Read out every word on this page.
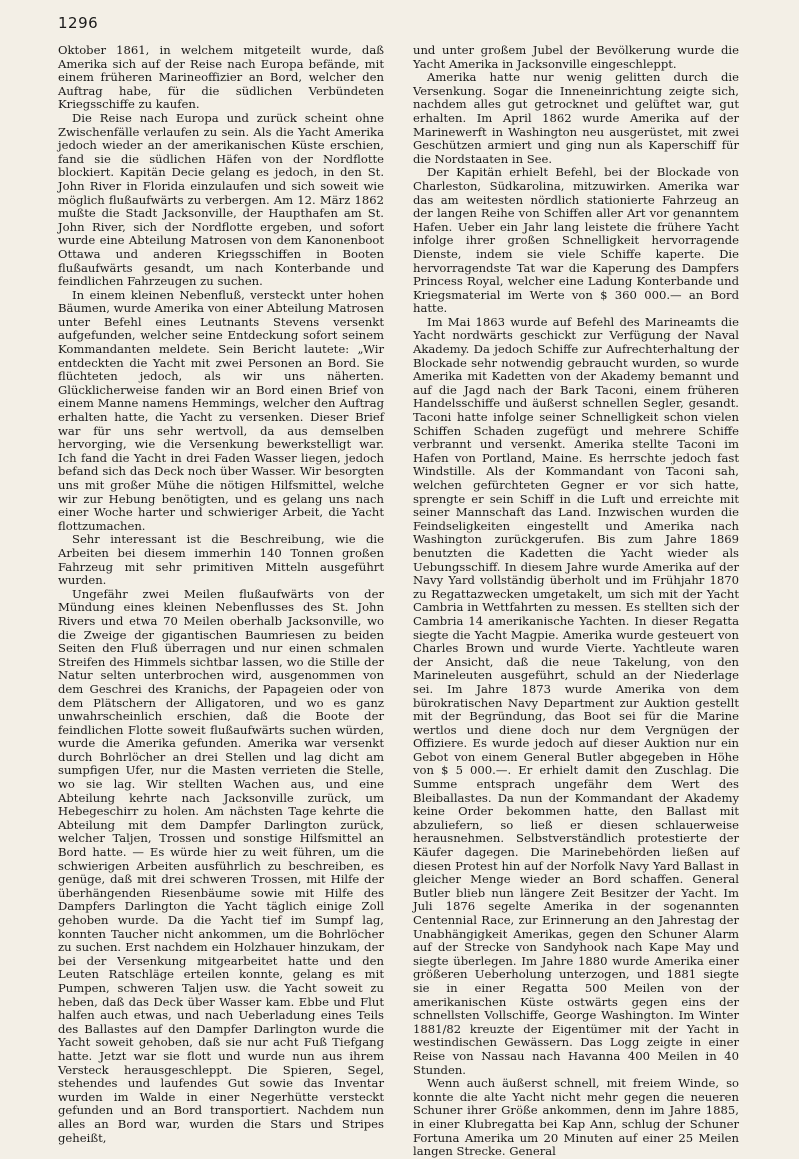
1296

Oktober 1861, in welchem mitgeteilt wurde, daß Amerika sich auf der Reise nach Europa befände, mit einem früheren Marineoffizier an Bord, welcher den Auftrag habe, für die südlichen Verbündeten Kriegsschiffe zu kaufen.

Die Reise nach Europa und zurück scheint ohne Zwischenfälle verlaufen zu sein. Als die Yacht Amerika jedoch wieder an der amerikanischen Küste erschien, fand sie die südlichen Häfen von der Nordflotte blockiert. Kapitän Decie gelang es jedoch, in den St. John River in Florida einzulaufen und sich soweit wie möglich flußaufwärts zu verbergen. Am 12. März 1862 mußte die Stadt Jacksonville, der Haupthafen am St. John River, sich der Nordflotte ergeben, und sofort wurde eine Abteilung Matrosen von dem Kanonenboot Ottawa und anderen Kriegsschiffen in Booten flußaufwärts gesandt, um nach Konterbande und feindlichen Fahrzeugen zu suchen.

In einem kleinen Nebenfluß, versteckt unter hohen Bäumen, wurde Amerika von einer Abteilung Matrosen unter Befehl eines Leutnants Stevens versenkt aufgefunden, welcher seine Entdeckung sofort seinem Kommandanten meldete. Sein Bericht lautete: „Wir entdeckten die Yacht mit zwei Personen an Bord. Sie flüchteten jedoch, als wir uns näherten. Glücklicherweise fanden wir an Bord einen Brief von einem Manne namens Hemmings, welcher den Auftrag erhalten hatte, die Yacht zu versenken. Dieser Brief war für uns sehr wertvoll, da aus demselben hervorging, wie die Versenkung bewerkstelligt war. Ich fand die Yacht in drei Faden Wasser liegen, jedoch befand sich das Deck noch über Wasser. Wir besorgten uns mit großer Mühe die nötigen Hilfsmittel, welche wir zur Hebung benötigten, und es gelang uns nach einer Woche harter und schwieriger Arbeit, die Yacht flottzumachen.

Sehr interessant ist die Beschreibung, wie die Arbeiten bei diesem immerhin 140 Tonnen großen Fahrzeug mit sehr primitiven Mitteln ausgeführt wurden.

Ungefähr zwei Meilen flußaufwärts von der Mündung eines kleinen Nebenflusses des St. John Rivers und etwa 70 Meilen oberhalb Jacksonville, wo die Zweige der gigantischen Baumriesen zu beiden Seiten den Fluß überragen und nur einen schmalen Streifen des Himmels sichtbar lassen, wo die Stille der Natur selten unterbrochen wird, ausgenommen von dem Geschrei des Kranichs, der Papageien oder von dem Plätschern der Alligatoren, und wo es ganz unwahrscheinlich erschien, daß die Boote der feindlichen Flotte soweit flußaufwärts suchen würden, wurde die Amerika gefunden. Amerika war versenkt durch Bohrlöcher an drei Stellen und lag dicht am sumpfigen Ufer, nur die Masten verrieten die Stelle, wo sie lag. Wir stellten Wachen aus, und eine Abteilung kehrte nach Jacksonville zurück, um Hebegeschirr zu holen. Am nächsten Tage kehrte die Abteilung mit dem Dampfer Darlington zurück, welcher Taljen, Trossen und sonstige Hilfsmittel an Bord hatte. — Es würde hier zu weit führen, um die schwierigen Arbeiten ausführlich zu beschreiben, es genüge, daß mit drei schweren Trossen, mit Hilfe der überhängenden Riesenbäume sowie mit Hilfe des Dampfers Darlington die Yacht täglich einige Zoll gehoben wurde. Da die Yacht tief im Sumpf lag, konnten Taucher nicht ankommen, um die Bohrlöcher zu suchen. Erst nachdem ein Holzhauer hinzukam, der bei der Versenkung mitgearbeitet hatte und den Leuten Ratschläge erteilen konnte, gelang es mit Pumpen, schweren Taljen usw. die Yacht soweit zu heben, daß das Deck über Wasser kam. Ebbe und Flut halfen auch etwas, und nach Ueberladung eines Teils des Ballastes auf den Dampfer Darlington wurde die Yacht soweit gehoben, daß sie nur acht Fuß Tiefgang hatte. Jetzt war sie flott und wurde nun aus ihrem Versteck herausgeschleppt. Die Spieren, Segel, stehendes und laufendes Gut sowie das Inventar wurden im Walde in einer Negerhütte versteckt gefunden und an Bord transportiert. Nachdem nun alles an Bord war, wurden die Stars und Stripes geheißt,

und unter großem Jubel der Bevölkerung wurde die Yacht Amerika in Jacksonville eingeschleppt.

Amerika hatte nur wenig gelitten durch die Versenkung. Sogar die Inneneinrichtung zeigte sich, nachdem alles gut getrocknet und gelüftet war, gut erhalten. Im April 1862 wurde Amerika auf der Marinewerft in Washington neu ausgerüstet, mit zwei Geschützen armiert und ging nun als Kaperschiff für die Nordstaaten in See.

Der Kapitän erhielt Befehl, bei der Blockade von Charleston, Südkarolina, mitzuwirken. Amerika war das am weitesten nördlich stationierte Fahrzeug an der langen Reihe von Schiffen aller Art vor genanntem Hafen. Ueber ein Jahr lang leistete die frühere Yacht infolge ihrer großen Schnelligkeit hervorragende Dienste, indem sie viele Schiffe kaperte. Die hervorragendste Tat war die Kaperung des Dampfers Princess Royal, welcher eine Ladung Konterbande und Kriegsmaterial im Werte von $ 360 000.— an Bord hatte.

Im Mai 1863 wurde auf Befehl des Marineamts die Yacht nordwärts geschickt zur Verfügung der Naval Akademy. Da jedoch Schiffe zur Aufrechterhaltung der Blockade sehr notwendig gebraucht wurden, so wurde Amerika mit Kadetten von der Akademy bemannt und auf die Jagd nach der Bark Taconi, einem früheren Handelsschiffe und äußerst schnellen Segler, gesandt. Taconi hatte infolge seiner Schnelligkeit schon vielen Schiffen Schaden zugefügt und mehrere Schiffe verbrannt und versenkt. Amerika stellte Taconi im Hafen von Portland, Maine. Es herrschte jedoch fast Windstille. Als der Kommandant von Taconi sah, welchen gefürchteten Gegner er vor sich hatte, sprengte er sein Schiff in die Luft und erreichte mit seiner Mannschaft das Land. Inzwischen wurden die Feindseligkeiten eingestellt und Amerika nach Washington zurückgerufen. Bis zum Jahre 1869 benutzten die Kadetten die Yacht wieder als Uebungsschiff. In diesem Jahre wurde Amerika auf der Navy Yard vollständig überholt und im Frühjahr 1870 zu Regattazwecken umgetakelt, um sich mit der Yacht Cambria in Wettfahrten zu messen. Es stellten sich der Cambria 14 amerikanische Yachten. In dieser Regatta siegte die Yacht Magpie. Amerika wurde gesteuert von Charles Brown und wurde Vierte. Yachtleute waren der Ansicht, daß die neue Takelung, von den Marineleuten ausgeführt, schuld an der Niederlage sei. Im Jahre 1873 wurde Amerika von dem bürokratischen Navy Department zur Auktion gestellt mit der Begründung, das Boot sei für die Marine wertlos und diene doch nur dem Vergnügen der Offiziere. Es wurde jedoch auf dieser Auktion nur ein Gebot von einem General Butler abgegeben in Höhe von $ 5 000.—. Er erhielt damit den Zuschlag. Die Summe entsprach ungefähr dem Wert des Bleiballastes. Da nun der Kommandant der Akademy keine Order bekommen hatte, den Ballast mit abzuliefern, so ließ er diesen schlauerweise herausnehmen. Selbstverständlich protestierte der Käufer dagegen. Die Marinebehörden ließen auf diesen Protest hin auf der Norfolk Navy Yard Ballast in gleicher Menge wieder an Bord schaffen. General Butler blieb nun längere Zeit Besitzer der Yacht. Im Juli 1876 segelte Amerika in der sogenannten Centennial Race, zur Erinnerung an den Jahrestag der Unabhängigkeit Amerikas, gegen den Schuner Alarm auf der Strecke von Sandyhook nach Kape May und siegte überlegen. Im Jahre 1880 wurde Amerika einer größeren Ueberholung unterzogen, und 1881 siegte sie in einer Regatta 500 Meilen von der amerikanischen Küste ostwärts gegen eins der schnellsten Vollschiffe, George Washington. Im Winter 1881/82 kreuzte der Eigentümer mit der Yacht in westindischen Gewässern. Das Logg zeigte in einer Reise von Nassau nach Havanna 400 Meilen in 40 Stunden.

Wenn auch äußerst schnell, mit freiem Winde, so konnte die alte Yacht nicht mehr gegen die neueren Schuner ihrer Größe ankommen, denn im Jahre 1885, in einer Klubregatta bei Kap Ann, schlug der Schuner Fortuna Amerika um 20 Minuten auf einer 25 Meilen langen Strecke. General
